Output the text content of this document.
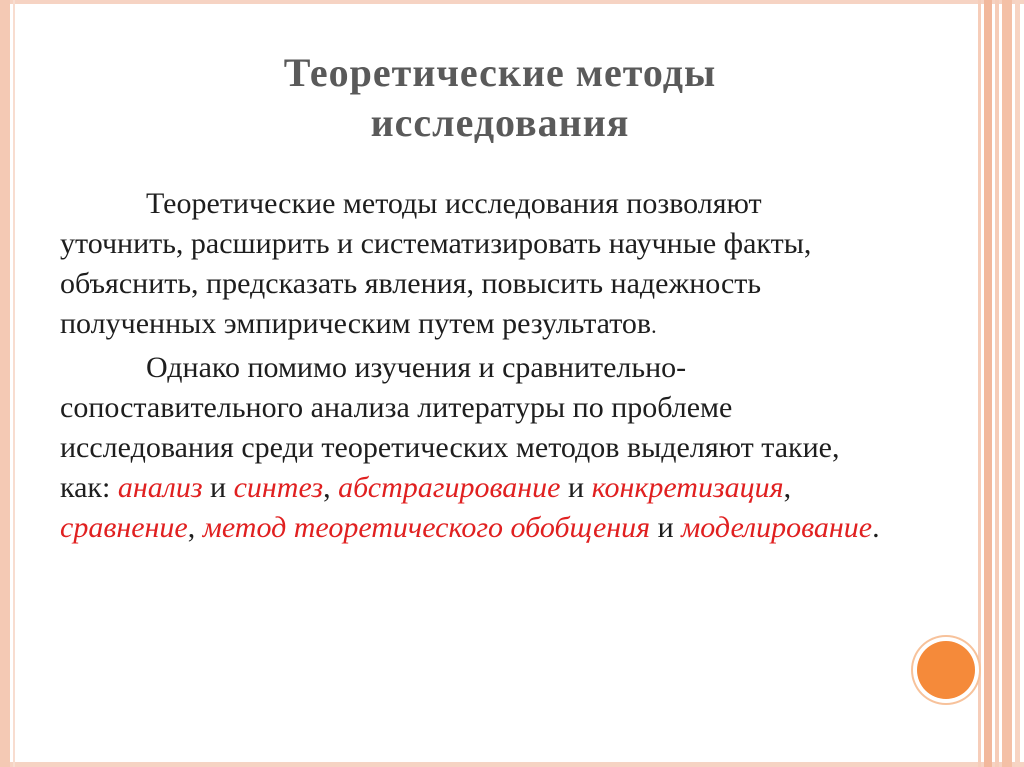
Теоретические методы
исследования

Теоретические методы исследования позволяют уточнить, расширить и систематизировать научные факты, объяснить, предсказать явления, повысить надежность полученных эмпирическим путем результатов.

Однако помимо изучения и сравнительно-сопоставительного анализа литературы по проблеме исследования среди теоретических методов выделяют такие, как: анализ и синтез, абстрагирование и конкретизация, сравнение, метод теоретического обобщения и моделирование.
